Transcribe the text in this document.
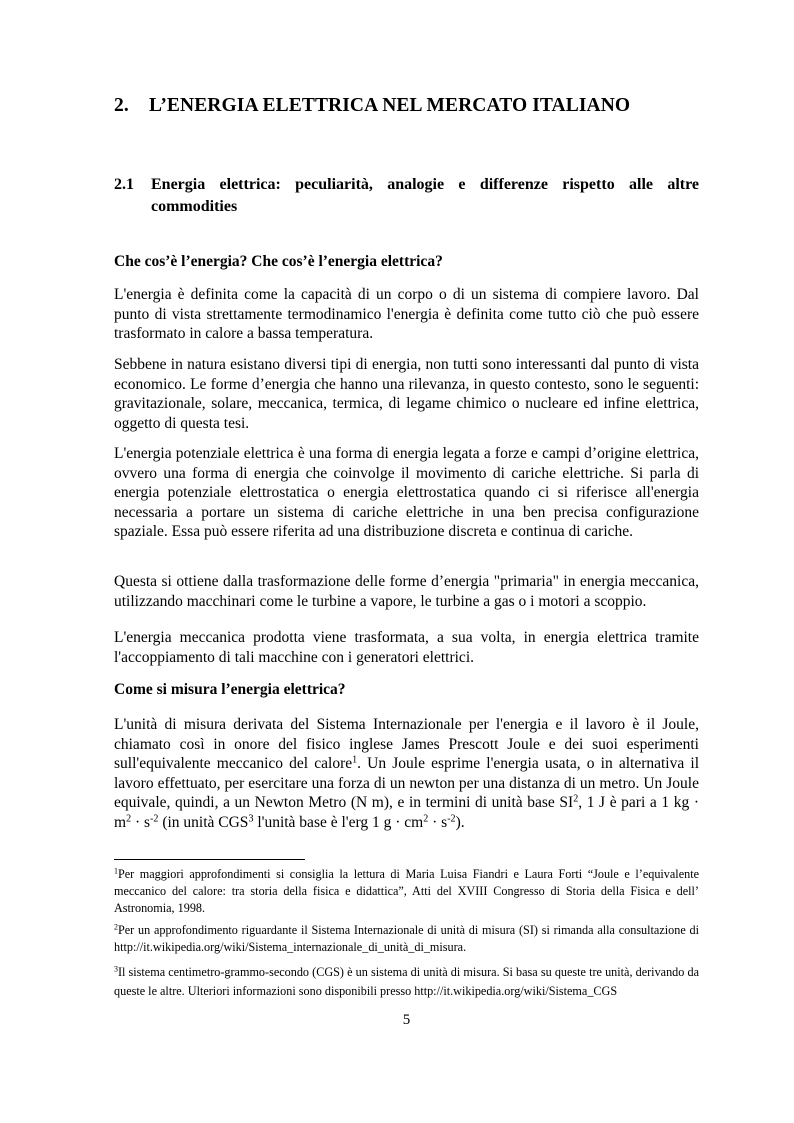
2. L’ENERGIA ELETTRICA NEL MERCATO ITALIANO
2.1	Energia elettrica: peculiarità, analogie e differenze rispetto alle altre commodities
Che cos’è l’energia? Che cos’è l’energia elettrica?

L'energia è definita come la capacità di un corpo o di un sistema di compiere lavoro. Dal punto di vista strettamente termodinamico l'energia è definita come tutto ciò che può essere trasformato in calore a bassa temperatura.

Sebbene in natura esistano diversi tipi di energia, non tutti sono interessanti dal punto di vista economico. Le forme d’energia che hanno una rilevanza, in questo contesto, sono le seguenti: gravitazionale, solare, meccanica, termica, di legame chimico o nucleare ed infine elettrica, oggetto di questa tesi.

L'energia potenziale elettrica è una forma di energia legata a forze e campi d’origine elettrica, ovvero una forma di energia che coinvolge il movimento di cariche elettriche. Si parla di energia potenziale elettrostatica o energia elettrostatica quando ci si riferisce all'energia necessaria a portare un sistema di cariche elettriche in una ben precisa configurazione spaziale. Essa può essere riferita ad una distribuzione discreta e continua di cariche.

Questa si ottiene dalla trasformazione delle forme d’energia "primaria" in energia meccanica, utilizzando macchinari come le turbine a vapore, le turbine a gas o i motori a scoppio.

L'energia meccanica prodotta viene trasformata, a sua volta, in energia elettrica tramite l'accoppiamento di tali macchine con i generatori elettrici.

Come si misura l’energia elettrica?

L'unità di misura derivata del Sistema Internazionale per l'energia e il lavoro è il Joule, chiamato così in onore del fisico inglese James Prescott Joule e dei suoi esperimenti sull'equivalente meccanico del calore$^1$. Un Joule esprime l'energia usata, o in alternativa il lavoro effettuato, per esercitare una forza di un newton per una distanza di un metro. Un Joule equivale, quindi, a un Newton Metro (N m), e in termini di unità base $SI^2$, 1 J è pari a 1 kg · $m^2 \cdot s^{-2}$ (in unità CGS$^3$ l'unità base è l'erg 1 $g \cdot cm^2 \cdot s^{-2}$).

$^1$Per maggiori approfondimenti si consiglia la lettura di Maria Luisa Fiandri e Laura Forti “Joule e l’equivalente meccanico del calore: tra storia della fisica e didattica”, Atti del XVIII Congresso di Storia della Fisica e dell’ Astronomia, 1998.

$^2$Per un approfondimento riguardante il Sistema Internazionale di unità di misura (SI) si rimanda alla consultazione di http://it.wikipedia.org/wiki/Sistema_internazionale_di_unità_di_misura.

$^3$Il sistema centimetro-grammo-secondo (CGS) è un sistema di unità di misura. Si basa su queste tre unità, derivando da queste le altre. Ulteriori informazioni sono disponibili presso http://it.wikipedia.org/wiki/Sistema_CGS

5
